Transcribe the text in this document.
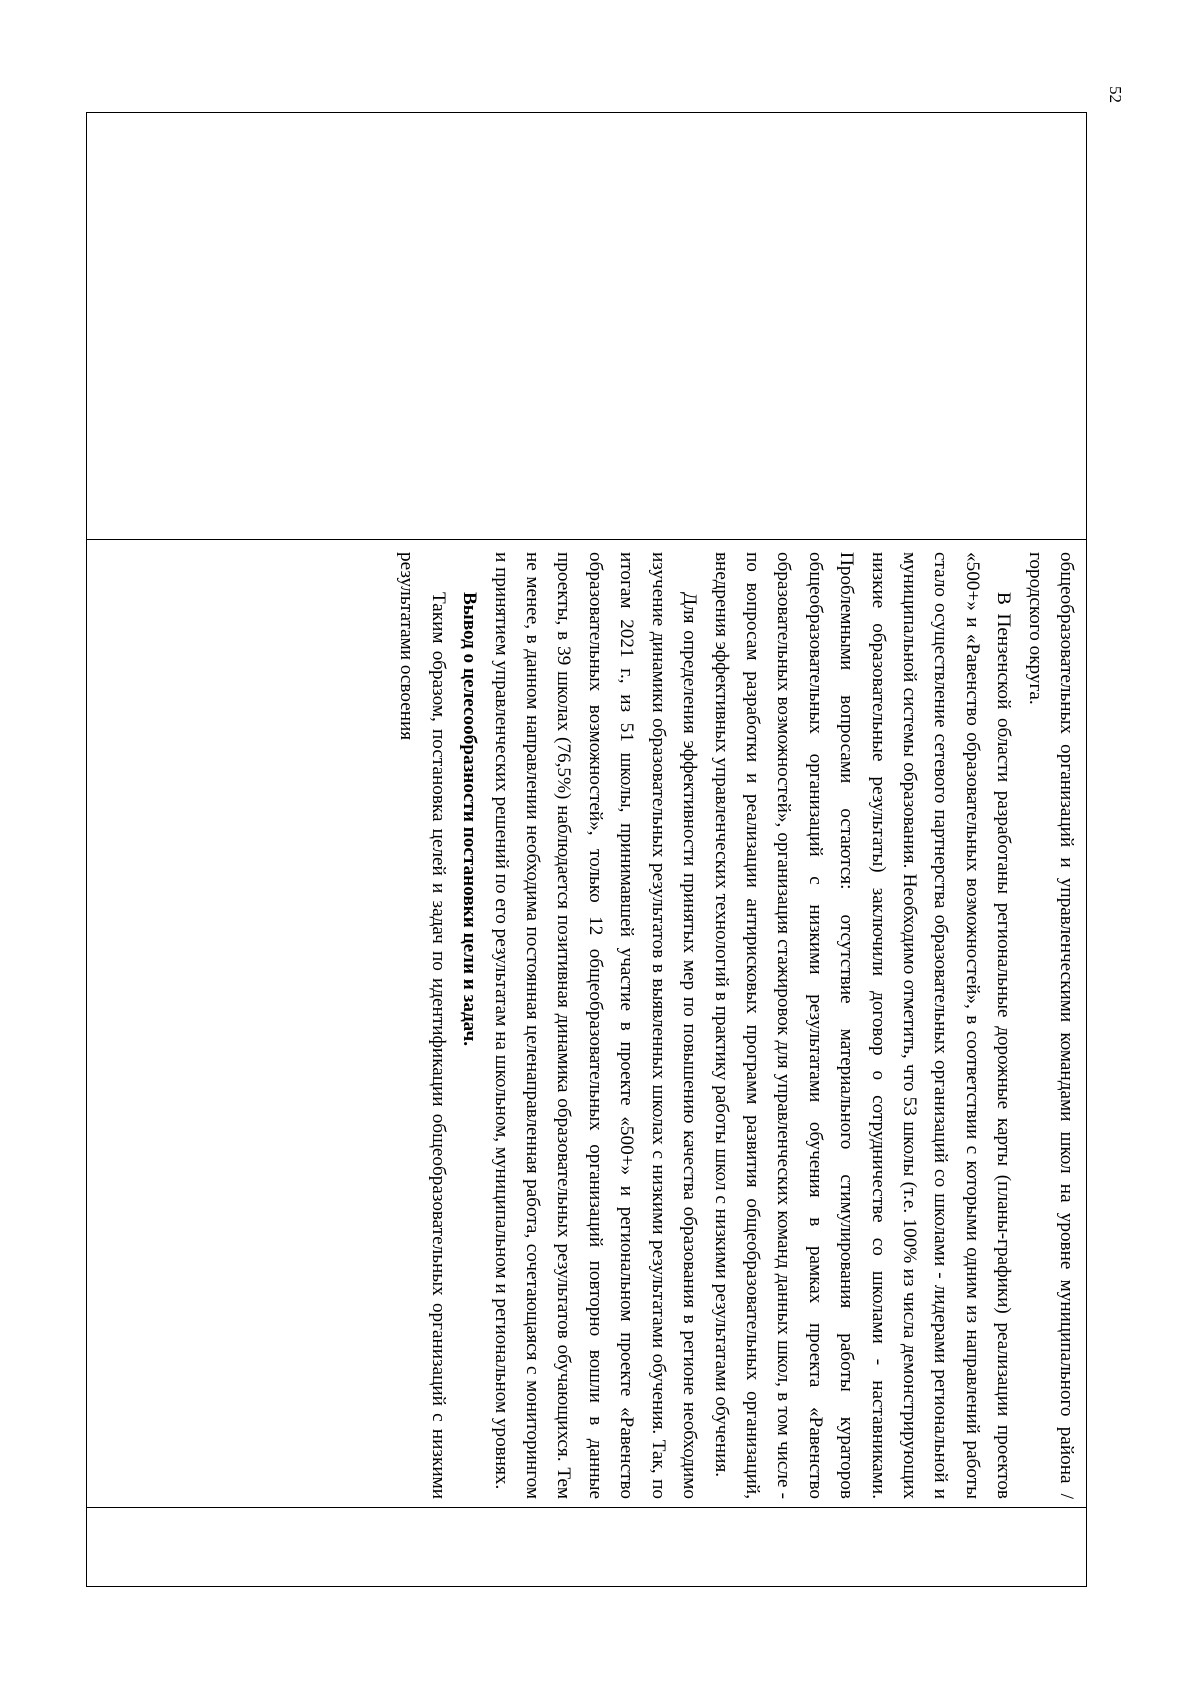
52

общеобразовательных организаций и управленческими командами школ на уровне муниципального района / городского округа.

В Пензенской области разработаны региональные дорожные карты (планы-графики) реализации проектов «500+» и «Равенство образовательных возможностей», в соответствии с которыми одним из направлений работы стало осуществление сетевого партнерства образовательных организаций со школами - лидерами региональной и муниципальной системы образования. Необходимо отметить, что 53 школы (т.е. 100% из числа демонстрирующих низкие образовательные результаты) заключили договор о сотрудничестве со школами - наставниками. Проблемными вопросами остаются: отсутствие материального стимулирования работы кураторов общеобразовательных организаций с низкими результатами обучения в рамках проекта «Равенство образовательных возможностей», организация стажировок для управленческих команд данных школ, в том числе - по вопросам разработки и реализации антирисковых программ развития общеобразовательных организаций, внедрения эффективных управленческих технологий в практику работы школ с низкими результатами обучения.

Для определения эффективности принятых мер по повышению качества образования в регионе необходимо изучение динамики образовательных результатов в выявленных школах с низкими результатами обучения. Так, по итогам 2021 г., из 51 школы, принимавшей участие в проекте «500+» и региональном проекте «Равенство образовательных возможностей», только 12 общеобразовательных организаций повторно вошли в данные проекты, в 39 школах (76,5%) наблюдается позитивная динамика образовательных результатов обучающихся. Тем не менее, в данном направлении необходима постоянная целенаправленная работа, сочетающаяся с мониторингом и принятием управленческих решений по его результатам на школьном, муниципальном и региональном уровнях.

Вывод о целесообразности постановки цели и задач.

Таким образом, постановка целей и задач по идентификации общеобразовательных организаций с низкими результатами освоения
